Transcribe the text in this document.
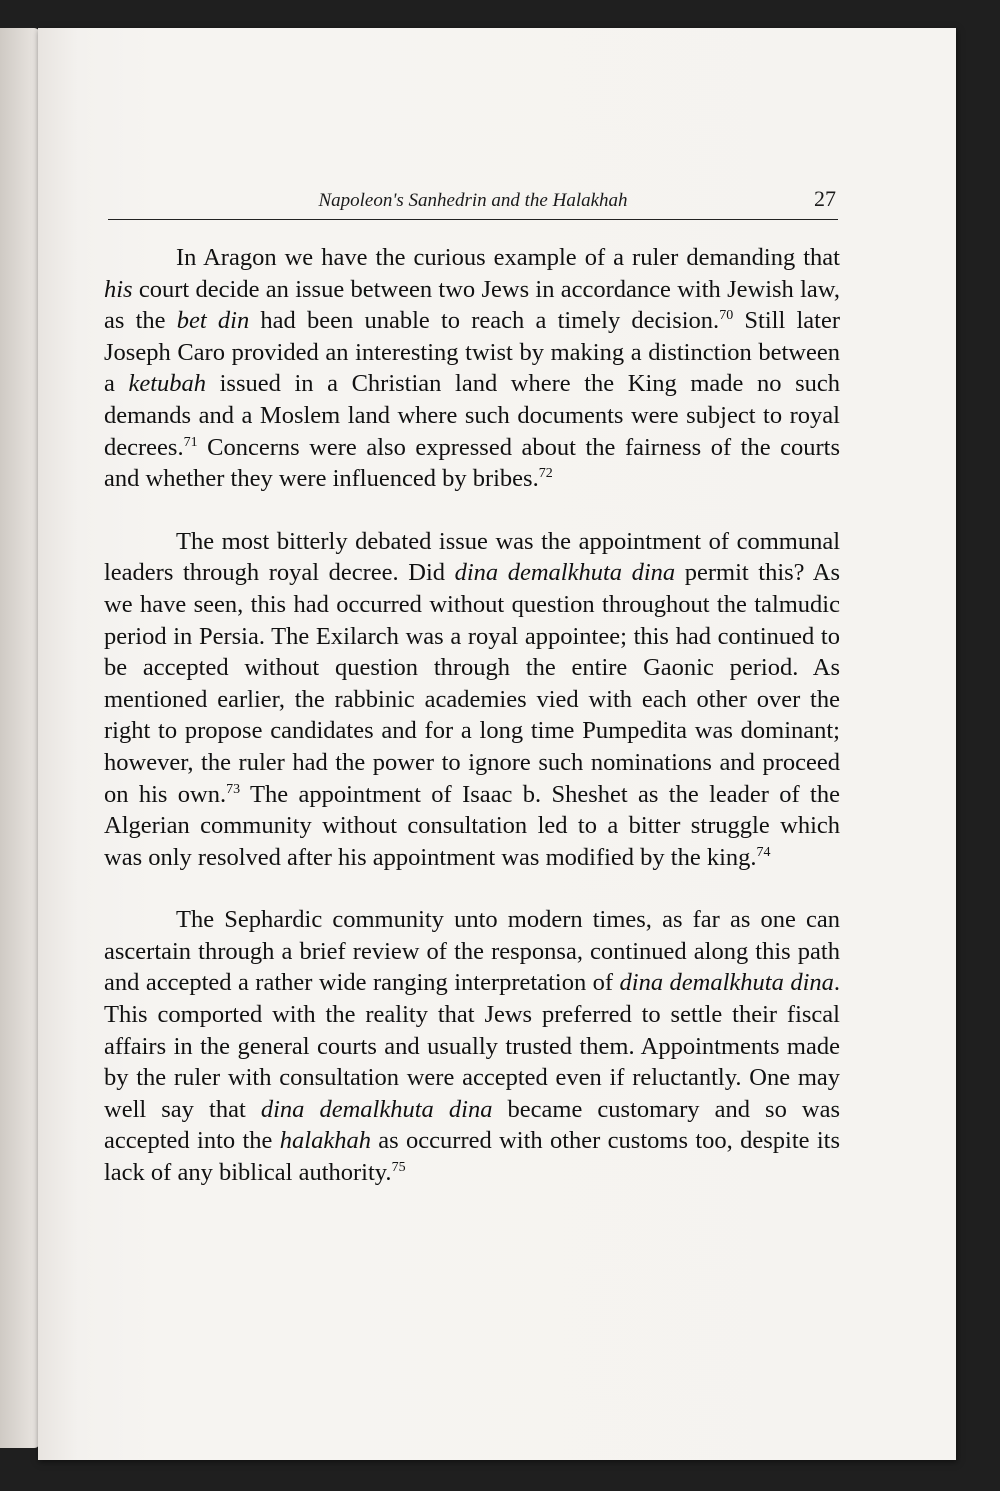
Napoleon's Sanhedrin and the Halakhah	27

In Aragon we have the curious example of a ruler demanding that his court decide an issue between two Jews in accordance with Jewish law, as the bet din had been unable to reach a timely decision.$^{70}$ Still later Joseph Caro provided an interesting twist by making a distinction between a ketubah issued in a Christian land where the King made no such demands and a Moslem land where such documents were subject to royal decrees.$^{71}$ Concerns were also expressed about the fairness of the courts and whether they were influenced by bribes.$^{72}$

The most bitterly debated issue was the appointment of communal leaders through royal decree. Did dina demalkhuta dina permit this? As we have seen, this had occurred without question throughout the talmudic period in Persia. The Exilarch was a royal appointee; this had continued to be accepted without question through the entire Gaonic period. As mentioned earlier, the rabbinic academies vied with each other over the right to propose candidates and for a long time Pumpedita was dominant; however, the ruler had the power to ignore such nominations and proceed on his own.$^{73}$ The appointment of Isaac b. Sheshet as the leader of the Algerian community without consultation led to a bitter struggle which was only resolved after his appointment was modified by the king.$^{74}$

The Sephardic community unto modern times, as far as one can ascertain through a brief review of the responsa, continued along this path and accepted a rather wide ranging interpretation of dina demalkhuta dina. This comported with the reality that Jews preferred to settle their fiscal affairs in the general courts and usually trusted them. Appointments made by the ruler with consultation were accepted even if reluctantly. One may well say that dina demalkhuta dina became customary and so was accepted into the halakhah as occurred with other customs too, despite its lack of any biblical authority.$^{75}$
